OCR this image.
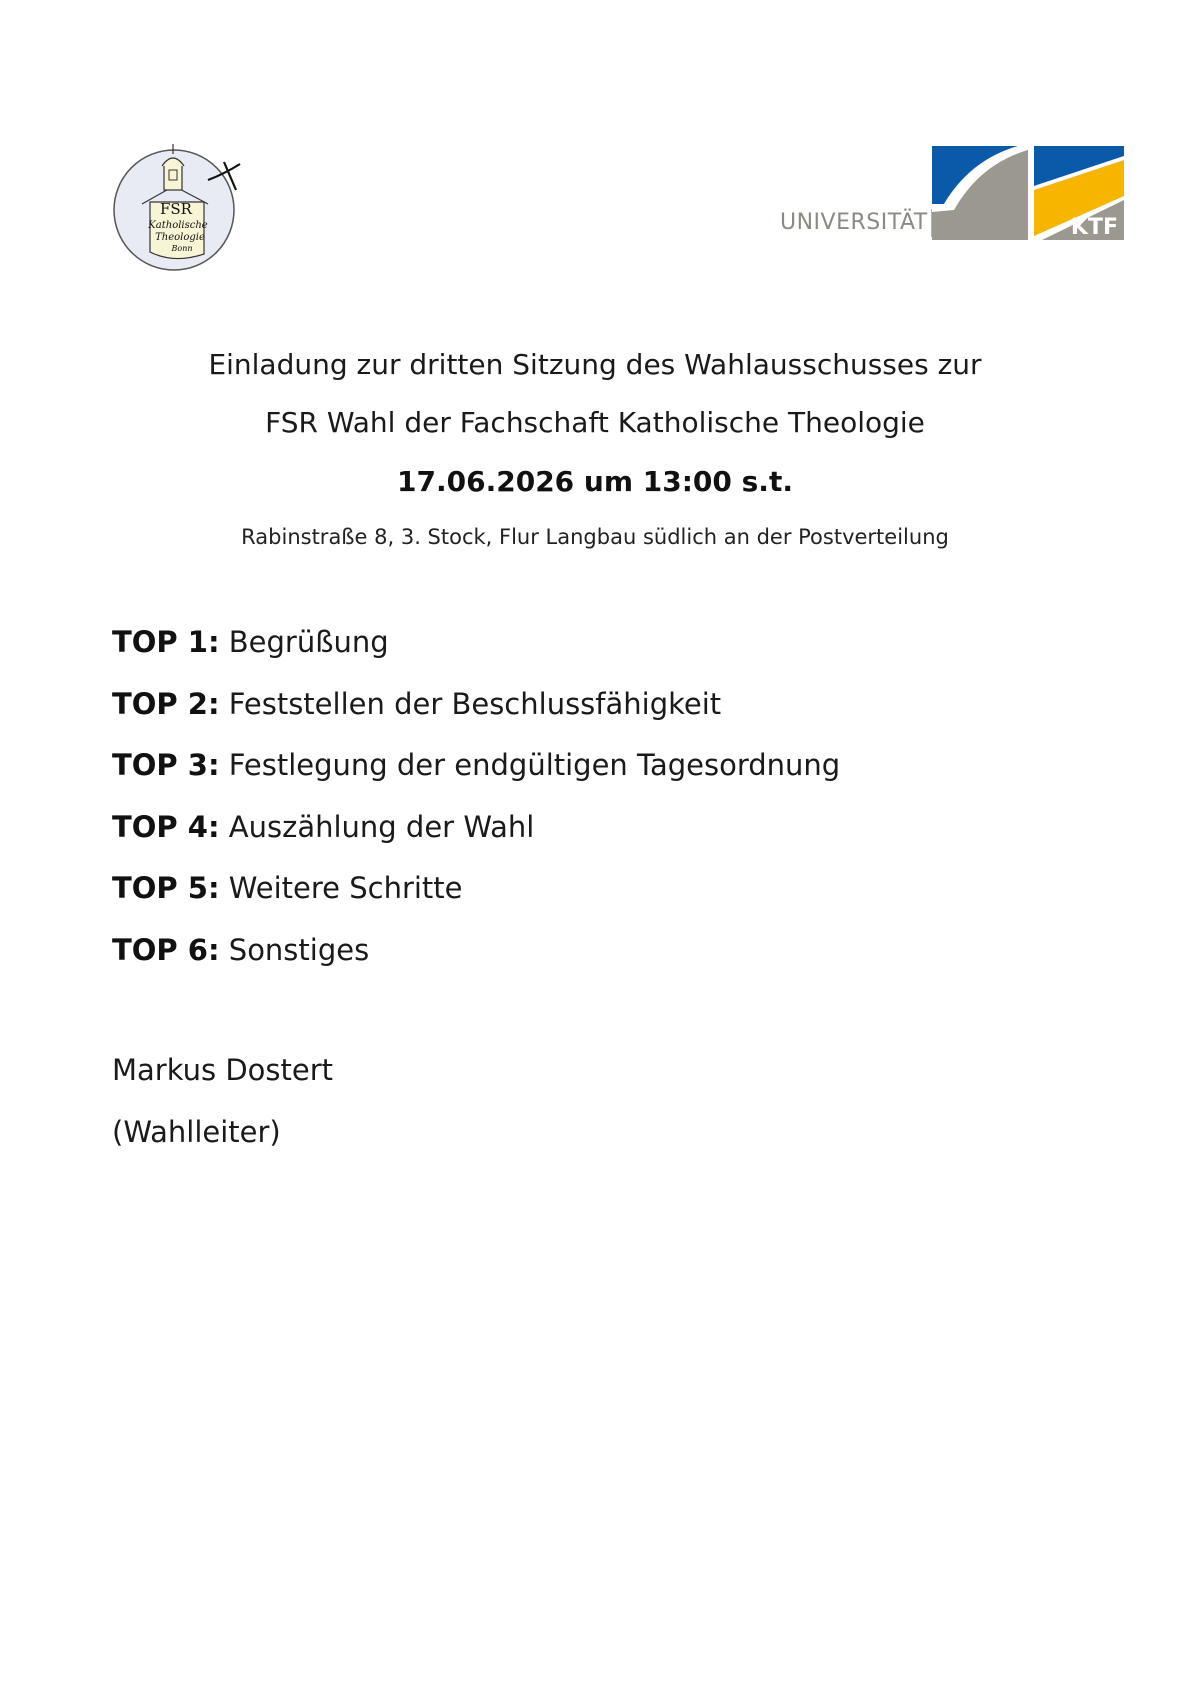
FSR
Katholische
Theologie
Bonn
UNIVERSITÄT	KTF
Einladung zur dritten Sitzung des Wahlausschusses zur
FSR Wahl der Fachschaft Katholische Theologie
17.06.2026 um 13:00 s.t.
Rabinstraße 8, 3. Stock, Flur Langbau südlich an der Postverteilung
TOP 1: Begrüßung
TOP 2: Feststellen der Beschlussfähigkeit
TOP 3: Festlegung der endgültigen Tagesordnung
TOP 4: Auszählung der Wahl
TOP 5: Weitere Schritte
TOP 6: Sonstiges
Markus Dostert
(Wahlleiter)
